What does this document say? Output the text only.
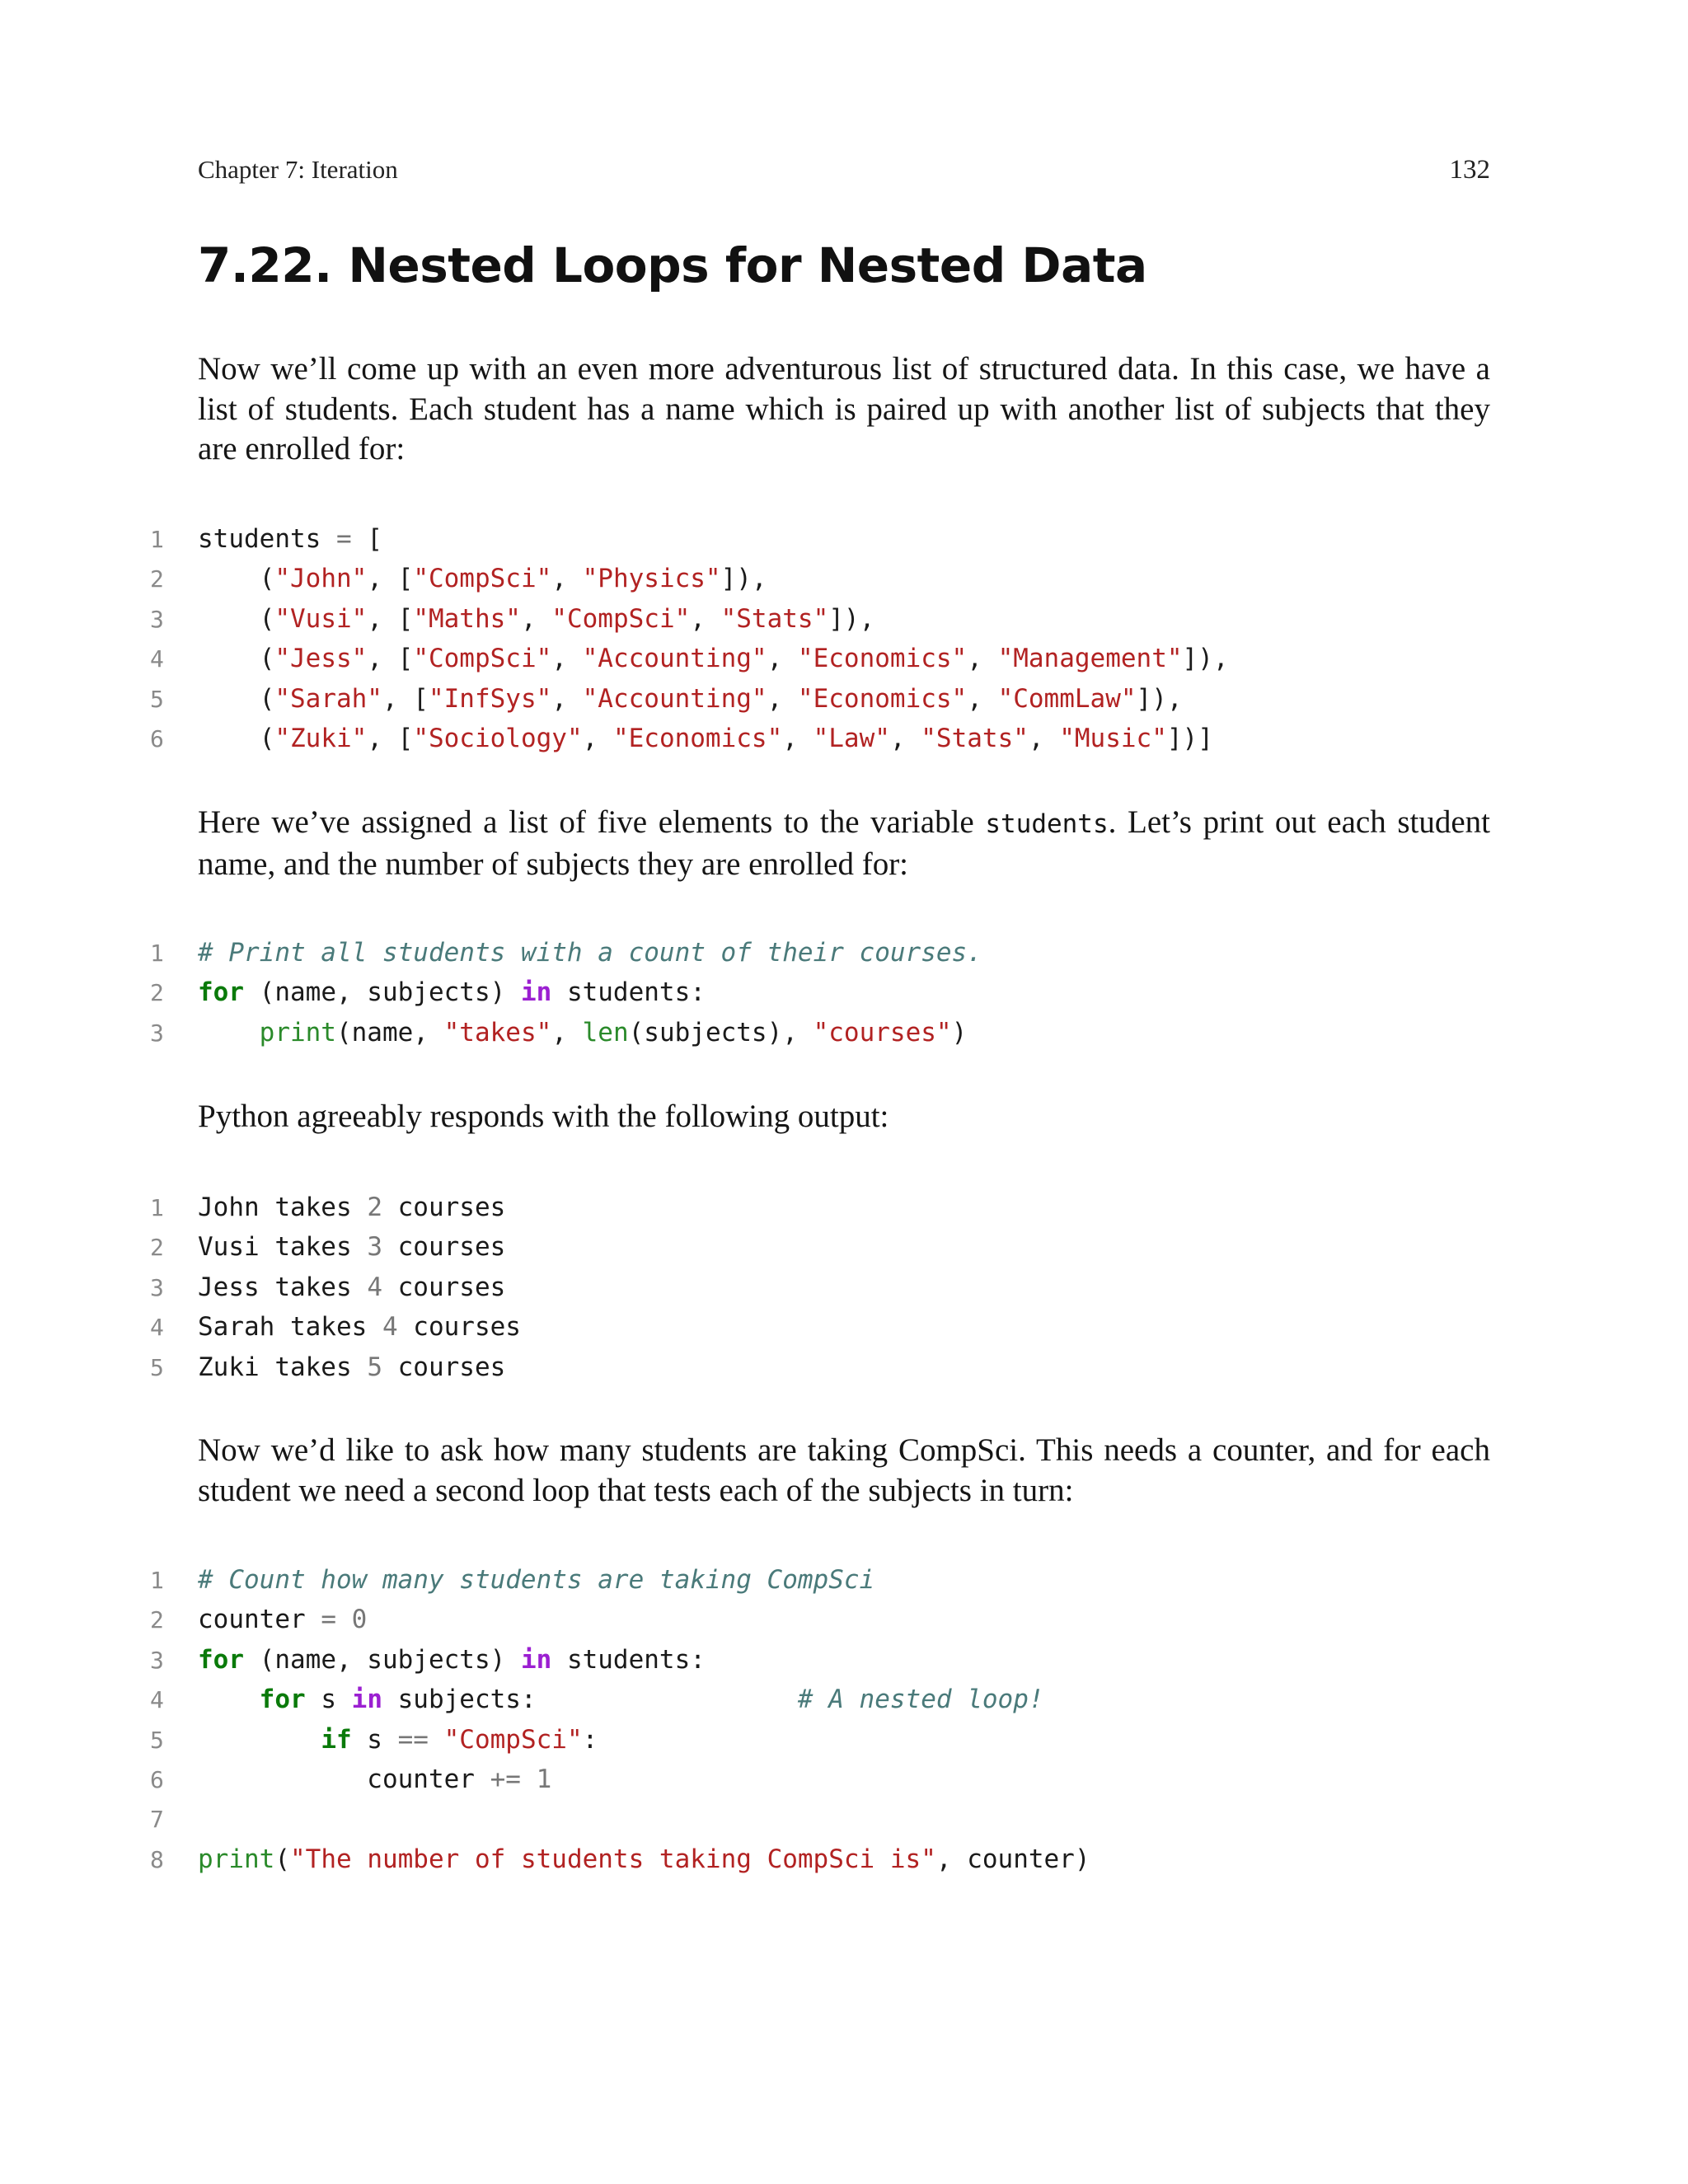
Chapter 7: Iteration	132
7.22. Nested Loops for Nested Data

Now we’ll come up with an even more adventurous list of structured data. In this case, we have a list of students. Each student has a name which is paired up with another list of subjects that they are enrolled for:

1 students = [
2 ("John", ["CompSci", "Physics"]),
3 ("Vusi", ["Maths", "CompSci", "Stats"]),
4 ("Jess", ["CompSci", "Accounting", "Economics", "Management"]),
5 ("Sarah", ["InfSys", "Accounting", "Economics", "CommLaw"]),
6 ("Zuki", ["Sociology", "Economics", "Law", "Stats", "Music"])]

Here we’ve assigned a list of five elements to the variable students. Let’s print out each student name, and the number of subjects they are enrolled for:

1 # Print all students with a count of their courses.
2 for (name, subjects) in students:
3	print(name, "takes", len(subjects), "courses")

Python agreeably responds with the following output:

1 John takes 2 courses
2 Vusi takes 3 courses
3 Jess takes 4 courses
4 Sarah takes 4 courses
5 Zuki takes 5 courses

Now we’d like to ask how many students are taking CompSci. This needs a counter, and for each student we need a second loop that tests each of the subjects in turn:

1 # Count how many students are taking CompSci
2 counter = 0
3 for (name, subjects) in students:
4	for s in subjects:                 # A nested loop!
5	if s == "CompSci":
6 counter += 1
7
8 print("The number of students taking CompSci is", counter)
